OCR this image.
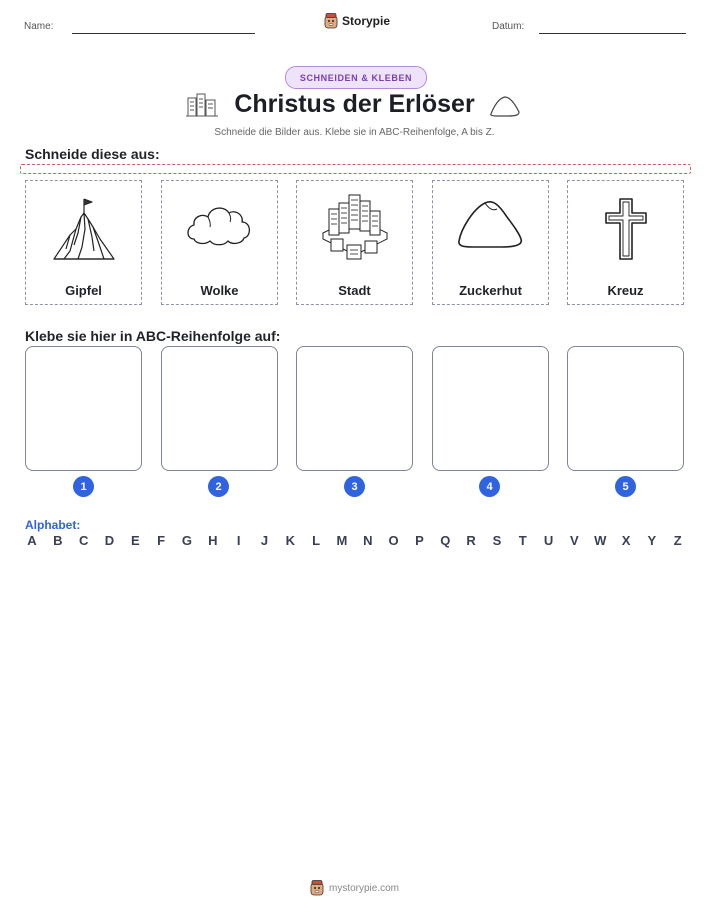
Name:	Storypie	Datum:
SCHNEIDEN & KLEBEN
Christus der Erlöser
Schneide die Bilder aus. Klebe sie in ABC-Reihenfolge, A bis Z.
Schneide diese aus:
Gipfel	Wolke	Stadt	Zuckerhut	Kreuz
Klebe sie hier in ABC-Reihenfolge auf:
1	2	3	4	5
Alphabet:
A B C D E F G H	I	J K L M N O P Q R S T U V W X Y Z
mystorypie.com
